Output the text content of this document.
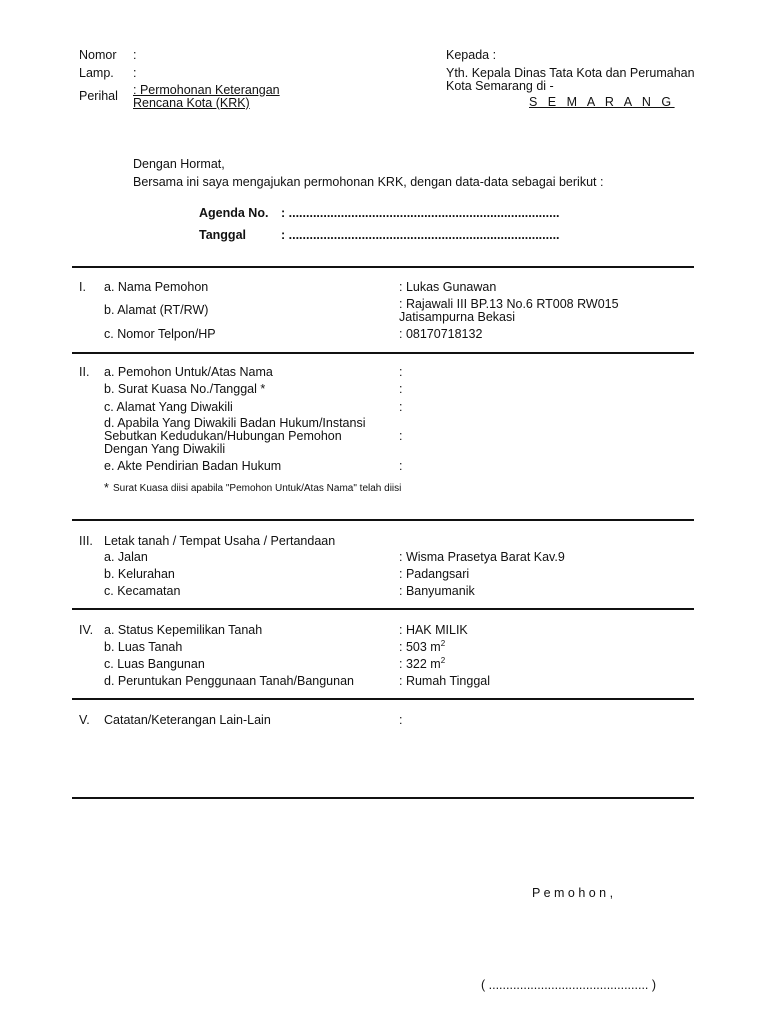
Nomor :
Lamp. :
Perihal : Permohonan Keterangan
Rencana Kota (KRK)
Kepada :
Yth. Kepala Dinas Tata Kota dan Perumahan
Kota Semarang di -
S E M A R A N G
Dengan Hormat,
Bersama ini saya mengajukan permohonan KRK, dengan data-data sebagai berikut :
Agenda No. : ..............................................................................
Tanggal	: ..............................................................................
I. a. Nama Pemohon	: Lukas Gunawan
b. Alamat (RT/RW)	: Rajawali III BP.13 No.6 RT008 RW015
Jatisampurna Bekasi
c. Nomor Telpon/HP	: 08170718132
II. a. Pemohon Untuk/Atas Nama	:
b. Surat Kuasa No./Tanggal *	:
c. Alamat Yang Diwakili	:
d. Apabila Yang Diwakili Badan Hukum/Instansi
Sebutkan Kedudukan/Hubungan Pemohon
Dengan Yang Diwakili
:
e. Akte Pendirian Badan Hukum	:
* Surat Kuasa diisi apabila "Pemohon Untuk/Atas Nama" telah diisi
III. Letak tanah / Tempat Usaha / Pertandaan
a. Jalan	: Wisma Prasetya Barat Kav.9
b. Kelurahan	: Padangsari
c. Kecamatan	: Banyumanik
IV. a. Status Kepemilikan Tanah	: HAK MILIK
b. Luas Tanah	: 503 $m^2$
c. Luas Bangunan	: 322 $m^2$
d. Peruntukan Penggunaan Tanah/Bangunan	: Rumah Tinggal
V. Catatan/Keterangan Lain-Lain	:
P e m o h o n ,
( .............................................. )
